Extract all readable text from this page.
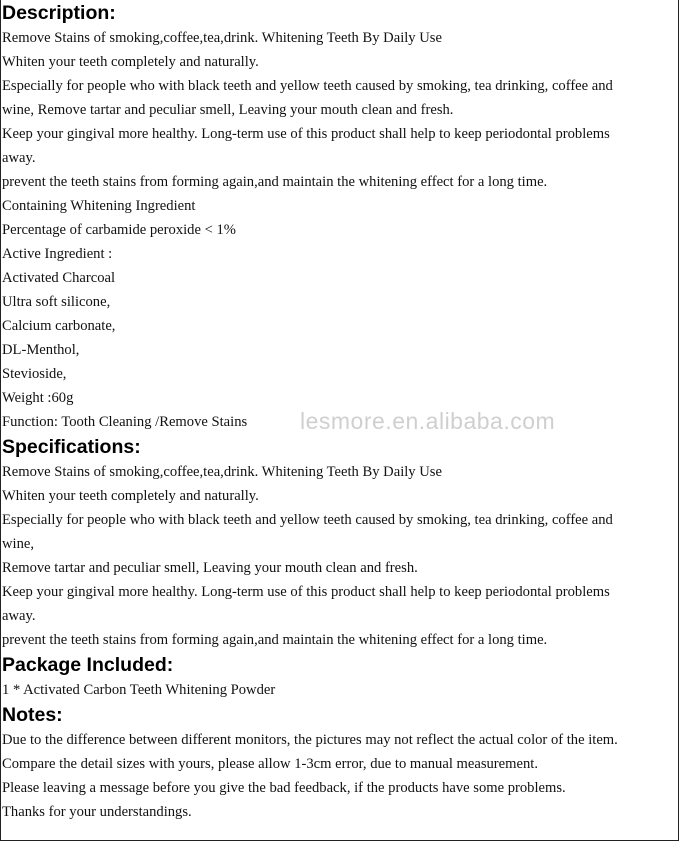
Description:
Remove Stains of smoking,coffee,tea,drink. Whitening Teeth By Daily Use
Whiten your teeth completely and naturally.
Especially for people who with black teeth and yellow teeth caused by smoking, tea drinking, coffee and
wine, Remove tartar and peculiar smell, Leaving your mouth clean and fresh.
Keep your gingival more healthy. Long-term use of this product shall help to keep periodontal problems
away.
prevent the teeth stains from forming again,and maintain the whitening effect for a long time.
Containing Whitening Ingredient
Percentage of carbamide peroxide < 1%
Active Ingredient :
Activated Charcoal
Ultra soft silicone,
Calcium carbonate,
DL-Menthol,
Stevioside,
Weight :60g
Function: Tooth Cleaning /Remove Stains
Specifications:
Remove Stains of smoking,coffee,tea,drink. Whitening Teeth By Daily Use
Whiten your teeth completely and naturally.
Especially for people who with black teeth and yellow teeth caused by smoking, tea drinking, coffee and
wine,
Remove tartar and peculiar smell, Leaving your mouth clean and fresh.
Keep your gingival more healthy. Long-term use of this product shall help to keep periodontal problems
away.
prevent the teeth stains from forming again,and maintain the whitening effect for a long time.
Package Included:
1 * Activated Carbon Teeth Whitening Powder
Notes:
Due to the difference between different monitors, the pictures may not reflect the actual color of the item.
Compare the detail sizes with yours, please allow 1-3cm error, due to manual measurement.
Please leaving a message before you give the bad feedback, if the products have some problems.
Thanks for your understandings.
lesmore.en.alibaba.com
